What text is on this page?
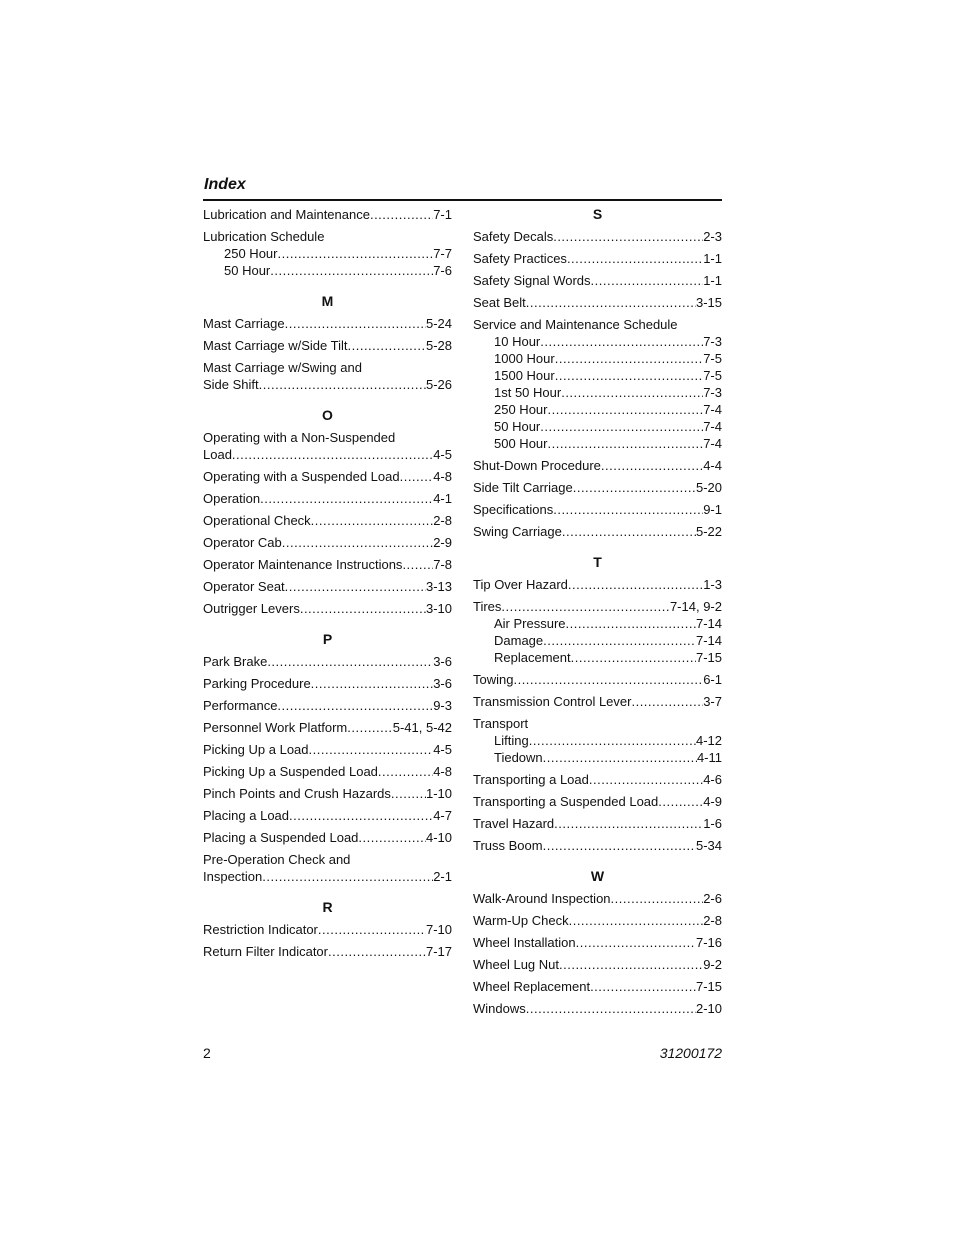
Index
Lubrication and Maintenance .....	7-1
Lubrication Schedule
250 Hour .....	7-7
50 Hour .....	7-6
M
Mast Carriage .....	5-24
Mast Carriage w/Side Tilt .....	5-28
Mast Carriage w/Swing and
Side Shift .....	5-26
O
Operating with a Non-Suspended
Load .....	4-5
Operating with a Suspended Load .....	4-8
Operation .....	4-1
Operational Check .....	2-8
Operator Cab .....	2-9
Operator Maintenance Instructions ..... 7-8
Operator Seat .....	3-13
Outrigger Levers .....	3-10
P
Park Brake .....	3-6
Parking Procedure .....	3-6
Performance .....	9-3
Personnel Work Platform .....	5-41, 5-42
Picking Up a Load .....	4-5
Picking Up a Suspended Load .....	4-8
Pinch Points and Crush Hazards .....	1-10
Placing a Load .....	4-7
Placing a Suspended Load .....	4-10
Pre-Operation Check and
Inspection .....	2-1
R
Restriction Indicator .....	7-10
Return Filter Indicator .....	7-17
S
Safety Decals .....	2-3
Safety Practices .....	1-1
Safety Signal Words .....	1-1
Seat Belt .....	3-15
Service and Maintenance Schedule
10 Hour .....	7-3
1000 Hour .....	7-5
1500 Hour .....	7-5
1st 50 Hour .....	7-3
250 Hour .....	7-4
50 Hour .....	7-4
500 Hour .....	7-4
Shut-Down Procedure .....	4-4
Side Tilt Carriage .....	5-20
Specifications .....	9-1
Swing Carriage .....	5-22
T
Tip Over Hazard .....	1-3
Tires .....	7-14, 9-2
Air Pressure .....	7-14
Damage .....	7-14
Replacement .....	7-15
Towing .....	6-1
Transmission Control Lever .....	3-7
Transport
Lifting .....	4-12
Tiedown .....	4-11
Transporting a Load .....	4-6
Transporting a Suspended Load .....	4-9
Travel Hazard .....	1-6
Truss Boom .....	5-34
W
Walk-Around Inspection .....	2-6
Warm-Up Check .....	2-8
Wheel Installation .....	7-16
Wheel Lug Nut .....	9-2
Wheel Replacement .....	7-15
Windows .....	2-10
2	31200172
